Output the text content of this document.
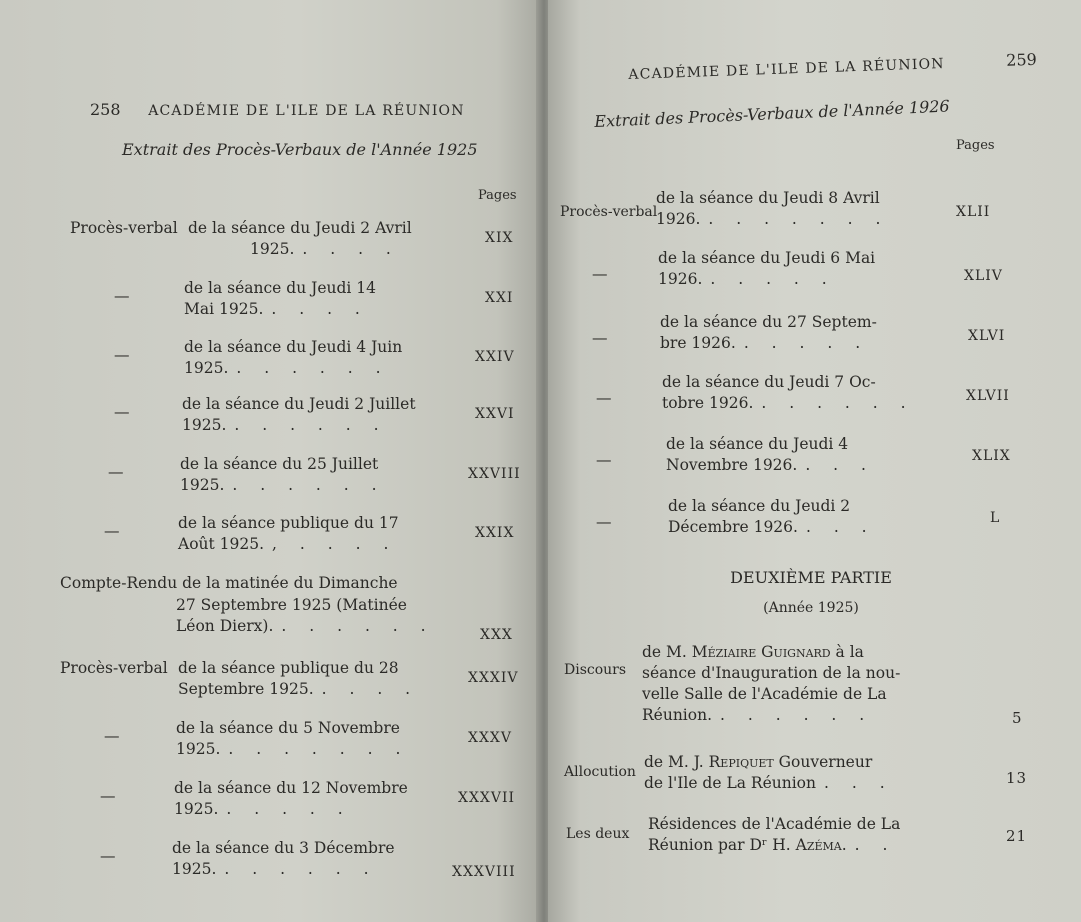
258 ACADÉMIE DE L'ILE DE LA RÉUNION
Extrait des Procès-Verbaux de l'Année 1925
Pages
Procès-verbal de la séance du Jeudi 2 Avril
1925. . . . .
XIX
—	de la séance du Jeudi 14
Mai 1925. . . . .
XXI
—	de la séance du Jeudi 4 Juin
1925. . . . . . .
XXIV
—	de la séance du Jeudi 2 Juillet
1925. . . . . . .
XXVI
—	de la séance du 25 Juillet
1925. . . . . . .
XXVIII
—	de la séance publique du 17
Août 1925. , . . . .
XXIX
Compte-Rendu de la matinée du Dimanche
27 Septembre 1925 (Matinée
Léon Dierx). . . . . . .	XXX
Procès-verbal de la séance publique du 28
Septembre 1925. . . . .
XXXIV
—	de la séance du 5 Novembre
1925. . . . . . . .
XXXV
—	de la séance du 12 Novembre
1925. . . . . .
XXXVII
—	de la séance du 3 Décembre
1925. . . . . . .	XXXVIII
ACADÉMIE DE L'ILE DE LA RÉUNION	259
Extrait des Procès-Verbaux de l'Année 1926
Pages
Procès-verbal
de la séance du Jeudi 8 Avril
1926. . . . . . . .	XLII
—
de la séance du Jeudi 6 Mai
1926. . . . . .	XLIV
—
de la séance du 27 Septem-
bre 1926. . . . . .	XLVI
—
de la séance du Jeudi 7 Oc-
tobre 1926. . . . . . .	XLVII
—
de la séance du Jeudi 4
Novembre 1926. . . .	XLIX
—
de la séance du Jeudi 2
Décembre 1926. . . .	L
DEUXIÈME PARTIE
(Année 1925)
Discours
de M. Méziaire Guignard à la
séance d'Inauguration de la nou-
velle Salle de l'Académie de La
Réunion. . . . . . .	5
Allocution
de M. J. Repiquet Gouverneur
de l'Ile de La Réunion . . .	13
Les deux
Résidences de l'Académie de La
Réunion par Dʳ H. Azéma. . .	21
